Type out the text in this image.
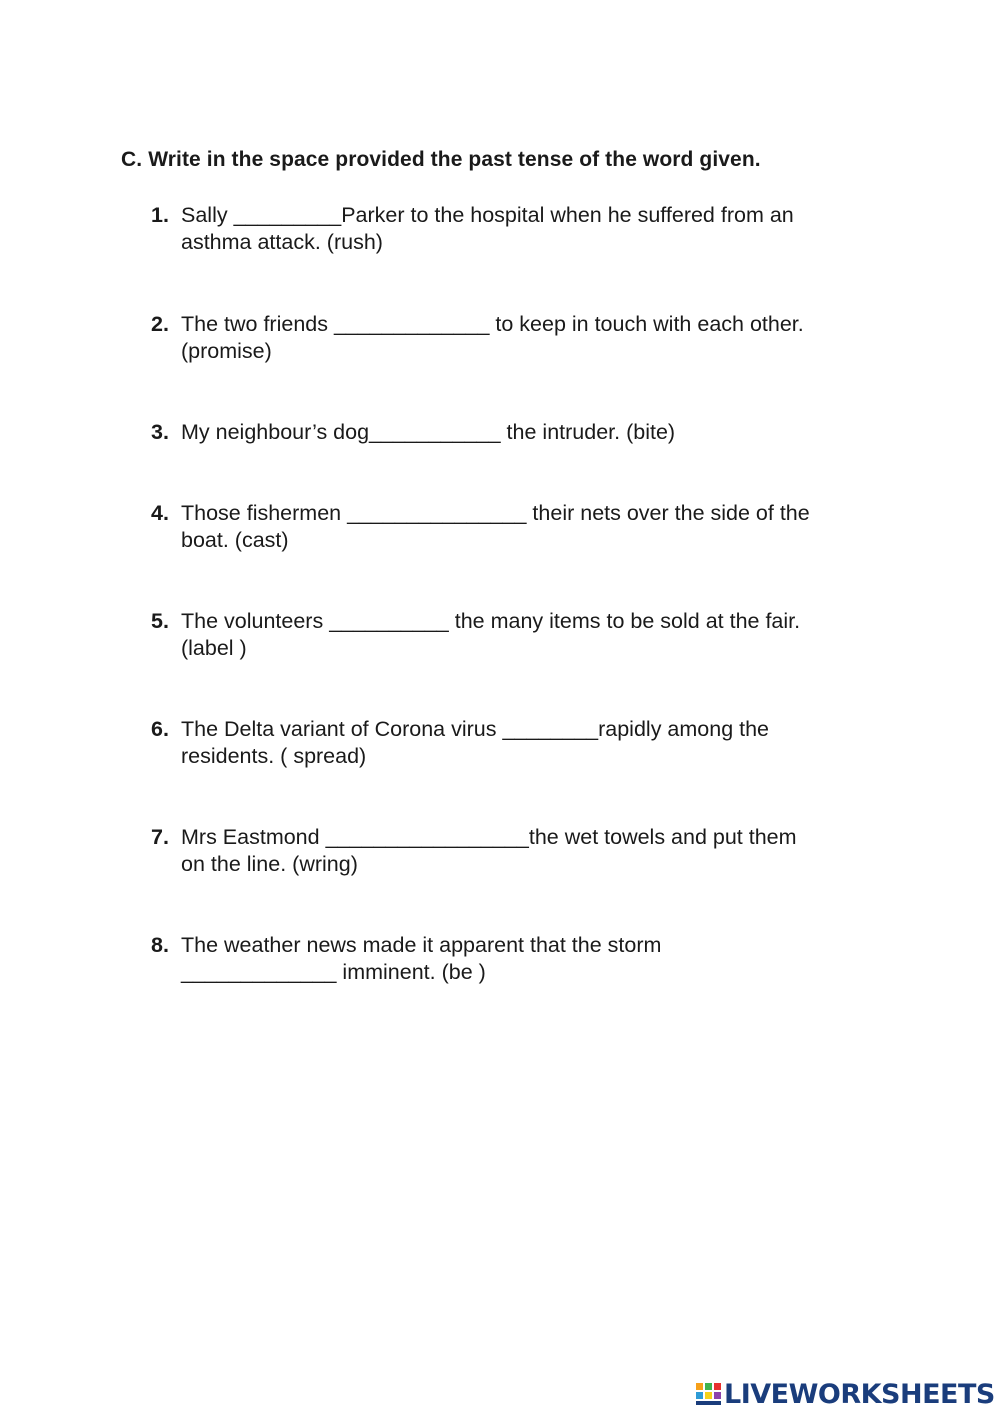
C. Write in the space provided the past tense of the word given.
1. Sally _________Parker to the hospital when he suffered from an
asthma attack. (rush)
2. The two friends _____________ to keep in touch with each other.
(promise)
3. My neighbour’s dog___________ the intruder. (bite)
4. Those fishermen _______________ their nets over the side of the
boat. (cast)
5. The volunteers __________ the many items to be sold at the fair.
(label )
6. The Delta variant of Corona virus ________rapidly among the
residents. ( spread)
7. Mrs Eastmond _________________the wet towels and put them
on the line. (wring)
8. The weather news made it apparent that the storm
_____________ imminent. (be )
LIVEWORKSHEETS
